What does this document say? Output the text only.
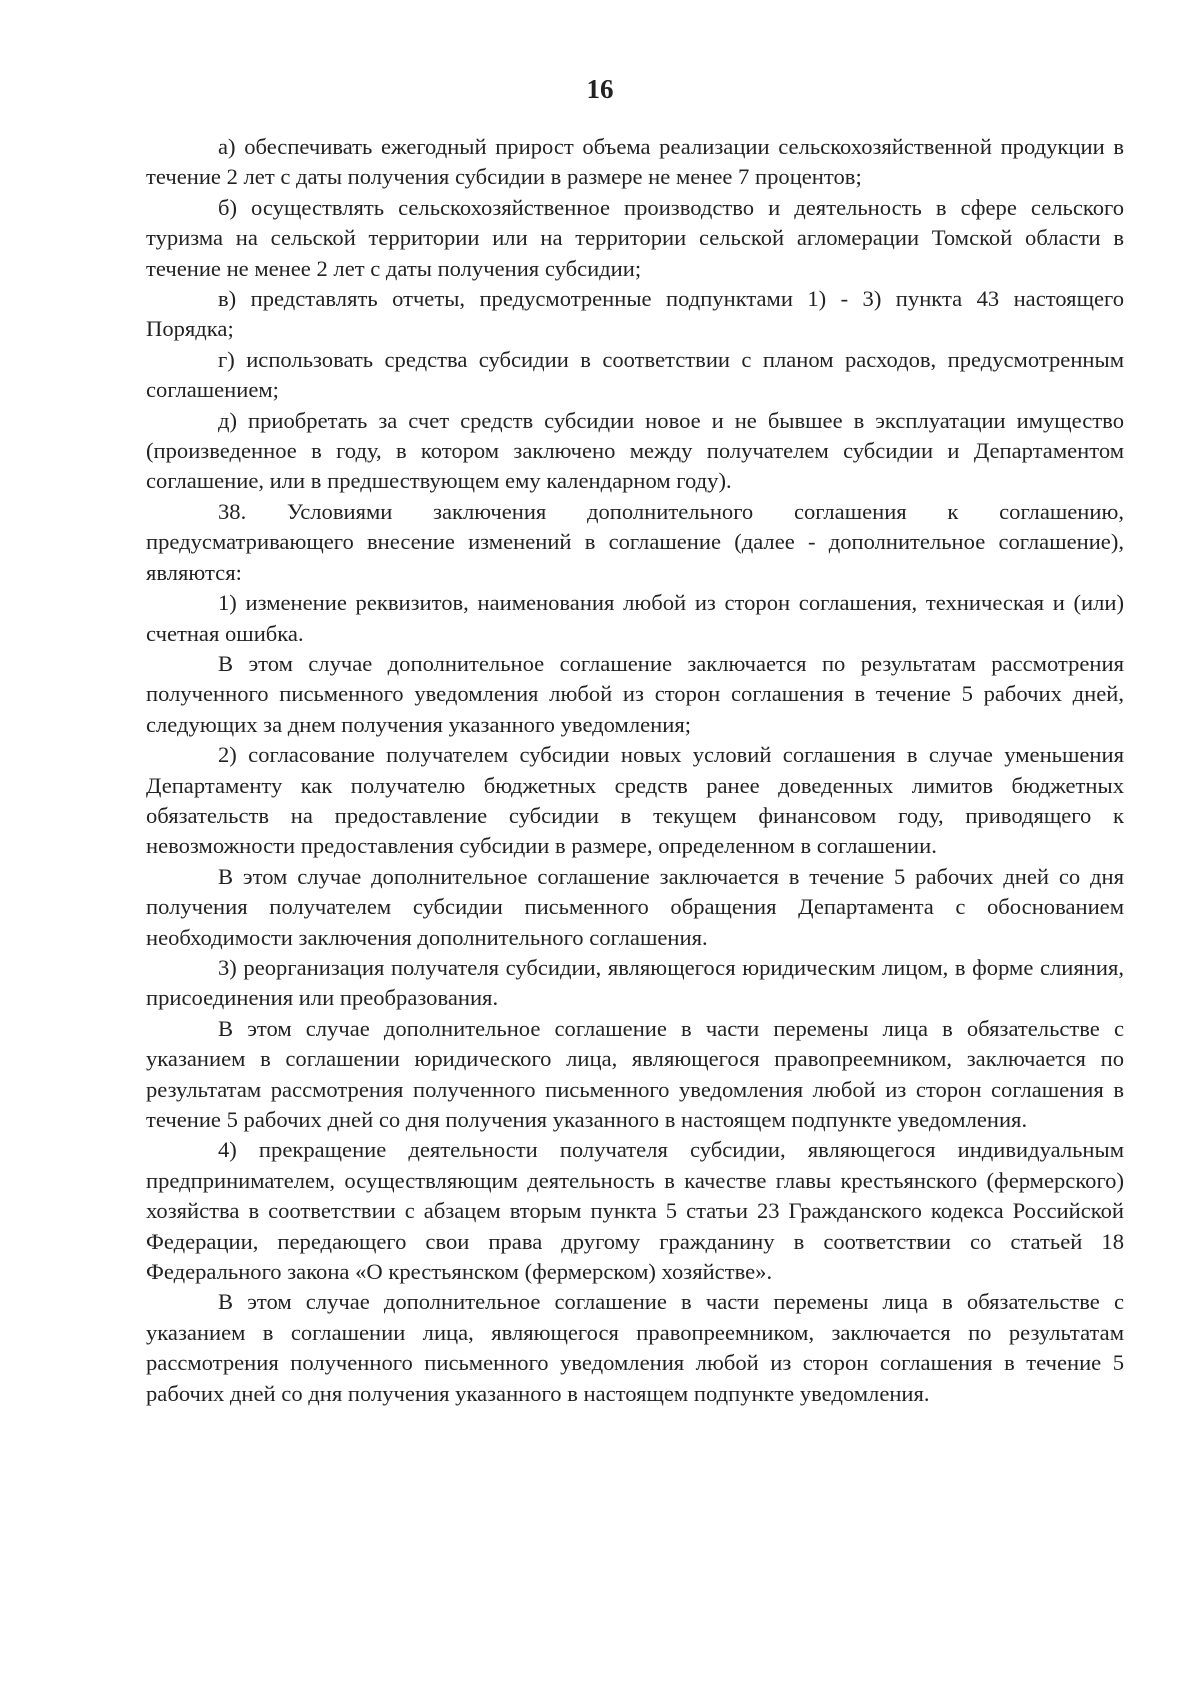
16

а) обеспечивать ежегодный прирост объема реализации сельскохозяйственной продукции в течение 2 лет с даты получения субсидии в размере не менее 7 процентов;

б) осуществлять сельскохозяйственное производство и деятельность в сфере сельского туризма на сельской территории или на территории сельской агломерации Томской области в течение не менее 2 лет с даты получения субсидии;

в) представлять отчеты, предусмотренные подпунктами 1) - 3) пункта 43 настоящего Порядка;

г) использовать средства субсидии в соответствии с планом расходов, предусмотренным соглашением;

д) приобретать за счет средств субсидии новое и не бывшее в эксплуатации имущество (произведенное в году, в котором заключено между получателем субсидии и Департаментом соглашение, или в предшествующем ему календарном году).

38. Условиями заключения дополнительного соглашения к соглашению, предусматривающего внесение изменений в соглашение (далее - дополнительное соглашение), являются:

1) изменение реквизитов, наименования любой из сторон соглашения, техническая и (или) счетная ошибка.

В этом случае дополнительное соглашение заключается по результатам рассмотрения полученного письменного уведомления любой из сторон соглашения в течение 5 рабочих дней, следующих за днем получения указанного уведомления;

2) согласование получателем субсидии новых условий соглашения в случае уменьшения Департаменту как получателю бюджетных средств ранее доведенных лимитов бюджетных обязательств на предоставление субсидии в текущем финансовом году, приводящего к невозможности предоставления субсидии в размере, определенном в соглашении.

В этом случае дополнительное соглашение заключается в течение 5 рабочих дней со дня получения получателем субсидии письменного обращения Департамента с обоснованием необходимости заключения дополнительного соглашения.

3) реорганизация получателя субсидии, являющегося юридическим лицом, в форме слияния, присоединения или преобразования.

В этом случае дополнительное соглашение в части перемены лица в обязательстве с указанием в соглашении юридического лица, являющегося правопреемником, заключается по результатам рассмотрения полученного письменного уведомления любой из сторон соглашения в течение 5 рабочих дней со дня получения указанного в настоящем подпункте уведомления.

4) прекращение деятельности получателя субсидии, являющегося индивидуальным предпринимателем, осуществляющим деятельность в качестве главы крестьянского (фермерского) хозяйства в соответствии с абзацем вторым пункта 5 статьи 23 Гражданского кодекса Российской Федерации, передающего свои права другому гражданину в соответствии со статьей 18 Федерального закона «О крестьянском (фермерском) хозяйстве».

В этом случае дополнительное соглашение в части перемены лица в обязательстве с указанием в соглашении лица, являющегося правопреемником, заключается по результатам рассмотрения полученного письменного уведомления любой из сторон соглашения в течение 5 рабочих дней со дня получения указанного в настоящем подпункте уведомления.
